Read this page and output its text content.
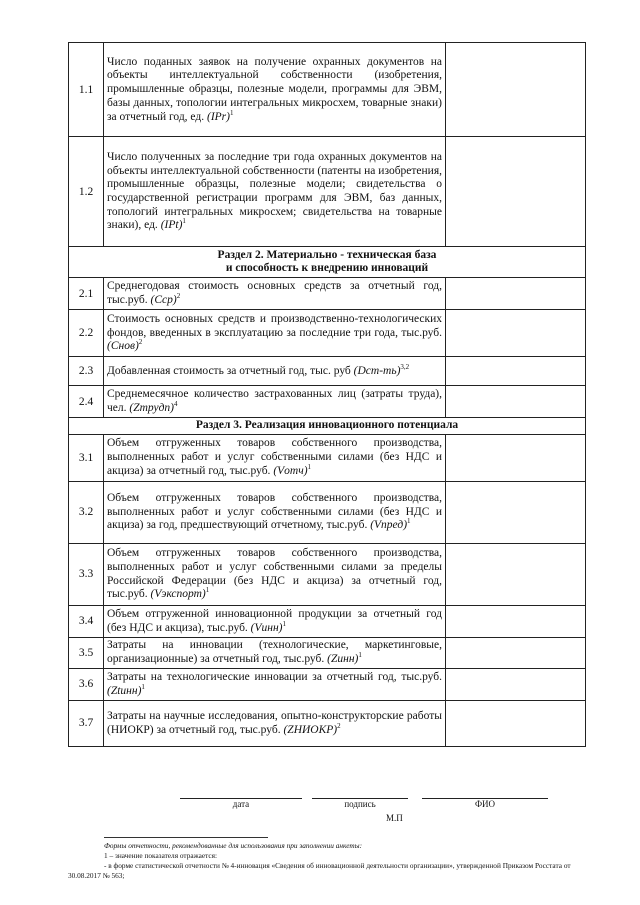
1.1	Число поданных заявок на получение охранных документов на объекты интеллектуальной собственности (изобретения, промышленные образцы, полезные модели, программы для ЭВМ, базы данных, топологии интегральных микросхем, товарные знаки) за отчетный год, ед. (IPr)$^1$	
1.2	Число полученных за последние три года охранных документов на объекты интеллектуальной собственности (патенты на изобретения, промышленные образцы, полезные модели; свидетельства о государственной регистрации программ для ЭВМ, баз данных, топологий интегральных микросхем; свидетельства на товарные знаки), ед. (IPt)$^1$	

Раздел 2. Материально - техническая база
и способность к внедрению инноваций		

2.1	Среднегодовая стоимость основных средств за отчетный год, тыс.руб. (Cср)$^2$	
2.2	Стоимость основных средств и производственно-технологических фондов, введенных в эксплуатацию за последние три года, тыс.руб. (Cнов)$^2$	
2.3	Добавленная стоимость за отчетный год, тыс. руб $(Dст-ть)^{3,2}$	
2.4	Среднемесячное количество застрахованных лиц (затраты труда), чел. (Zтрудп)$^4$	
Раздел 3. Реализация инновационного потенциала		
3.1	Объем отгруженных товаров собственного производства, выполненных работ и услуг собственными силами (без НДС и акциза) за отчетный год, тыс.руб. (Vотч)$^1$	
3.2	Объем отгруженных товаров собственного производства, выполненных работ и услуг собственными силами (без НДС и акциза) за год, предшествующий отчетному, тыс.руб. (Vпред)$^1$	
3.3	Объем отгруженных товаров собственного производства, выполненных работ и услуг собственными силами за пределы Российской Федерации (без НДС и акциза) за отчетный год, тыс.руб. (Vэкспорт)$^1$	
3.4	Объем отгруженной инновационной продукции за отчетный год (без НДС и акциза), тыс.руб. (Vинн)$^1$	
3.5	Затраты на инновации (технологические, маркетинговые, организационные) за отчетный год, тыс.руб. (Zинн)$^1$	
3.6	Затраты на технологические инновации за отчетный год, тыс.руб. (Ztинн)$^1$	
3.7	Затраты на научные исследования, опытно-конструкторские работы (НИОКР) за отчетный год, тыс.руб. (ZНИОКР)$^2$	
дата	подпись	ФИО
М.П
Формы отчетности, рекомендованные для использования при заполнении анкеты:
1 – значение показателя отражается:
- в форме статистической отчетности № 4-инновация «Сведения об инновационной деятельности организации», утвержденной Приказом Росстата от 30.08.2017 № 563;
